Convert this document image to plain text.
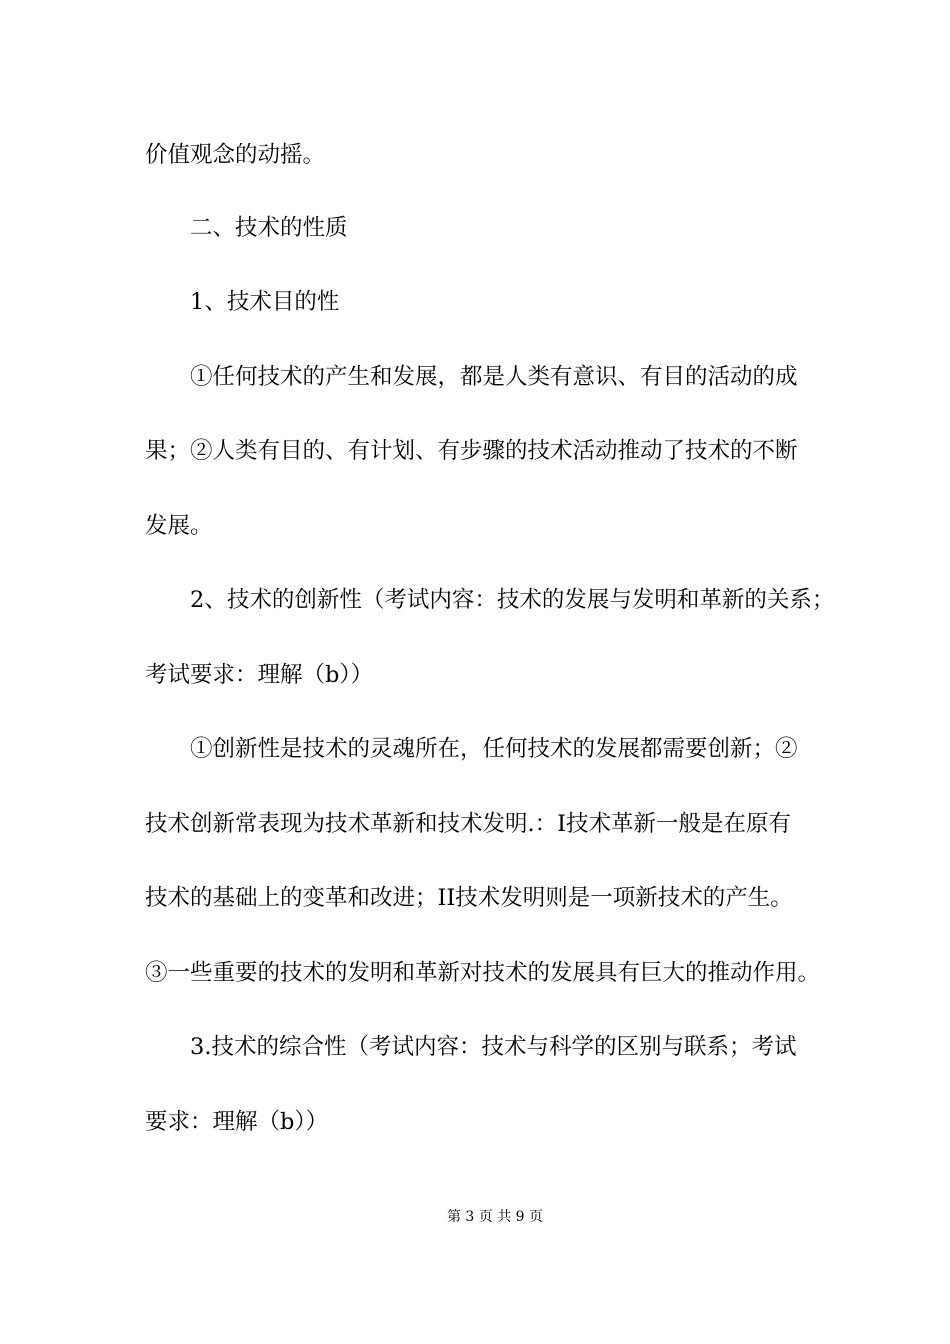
价值观念的动摇。
二、技术的性质
1、技术目的性
①任何技术的产生和发展，都是人类有意识、有目的活动的成
果；②人类有目的、有计划、有步骤的技术活动推动了技术的不断
发展。
2、技术的创新性（考试内容：技术的发展与发明和革新的关系；
考试要求：理解（b））
①创新性是技术的灵魂所在，任何技术的发展都需要创新；②
技术创新常表现为技术革新和技术发明.：I技术革新一般是在原有
技术的基础上的变革和改进；II技术发明则是一项新技术的产生。
③一些重要的技术的发明和革新对技术的发展具有巨大的推动作用。
3.技术的综合性（考试内容：技术与科学的区别与联系；考试
要求：理解（b））
第 3 页 共 9 页
